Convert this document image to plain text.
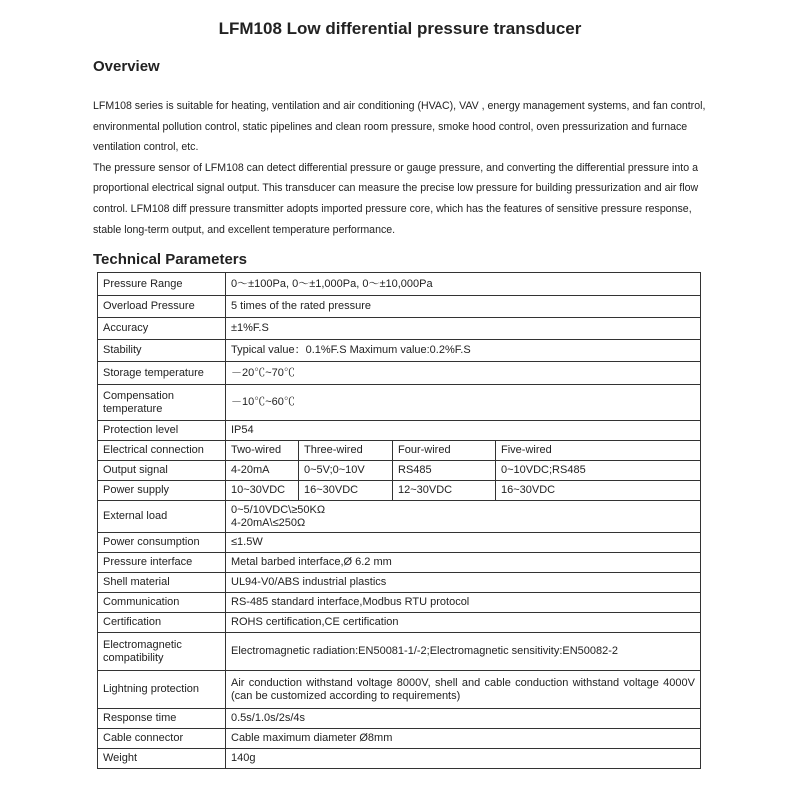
LFM108 Low differential pressure transducer
Overview

LFM108 series is suitable for heating, ventilation and air conditioning (HVAC), VAV , energy management systems, and fan control, environmental pollution control, static pipelines and clean room pressure, smoke hood control, oven pressurization and furnace ventilation control, etc.

The pressure sensor of LFM108 can detect differential pressure or gauge pressure, and converting the differential pressure into a proportional electrical signal output. This transducer can measure the precise low pressure for building pressurization and air flow control. LFM108 diff pressure transmitter adopts imported pressure core, which has the features of sensitive pressure response, stable long-term output, and excellent temperature performance.

Technical Parameters
Pressure Range	0～±100Pa, 0～±1,000Pa, 0～±10,000Pa			
Overload Pressure	5 times of the rated pressure			
Accuracy	±1%F.S			
Stability	Typical value：0.1%F.S Maximum value:0.2%F.S			
Storage temperature	－20℃~70℃			
Compensation temperature	－10℃~60℃			
Protection level	IP54			
Electrical connection	Two-wired	Three-wired	Four-wired	Five-wired
Output signal	4-20mA	0~5V;0~10V	RS485	0~10VDC;RS485
Power supply	10~30VDC	16~30VDC	12~30VDC	16~30VDC
External load	0~5/10VDC\≥50KΩ
4-20mA\≤250Ω			

Power consumption	≤1.5W			
Pressure interface	Metal barbed interface,Ø 6.2 mm			
Shell material	UL94-V0/ABS industrial plastics			
Communication	RS-485 standard interface,Modbus RTU protocol			
Certification	ROHS certification,CE certification			
Electromagnetic compatibility	Electromagnetic radiation:EN50081-1/-2;Electromagnetic sensitivity:EN50082-2			
Lightning protection	Air conduction withstand voltage 8000V, shell and cable conduction withstand voltage 4000V (can be customized according to requirements)			
Response time	0.5s/1.0s/2s/4s			
Cable connector	Cable maximum diameter Ø8mm			
Weight	140g			
